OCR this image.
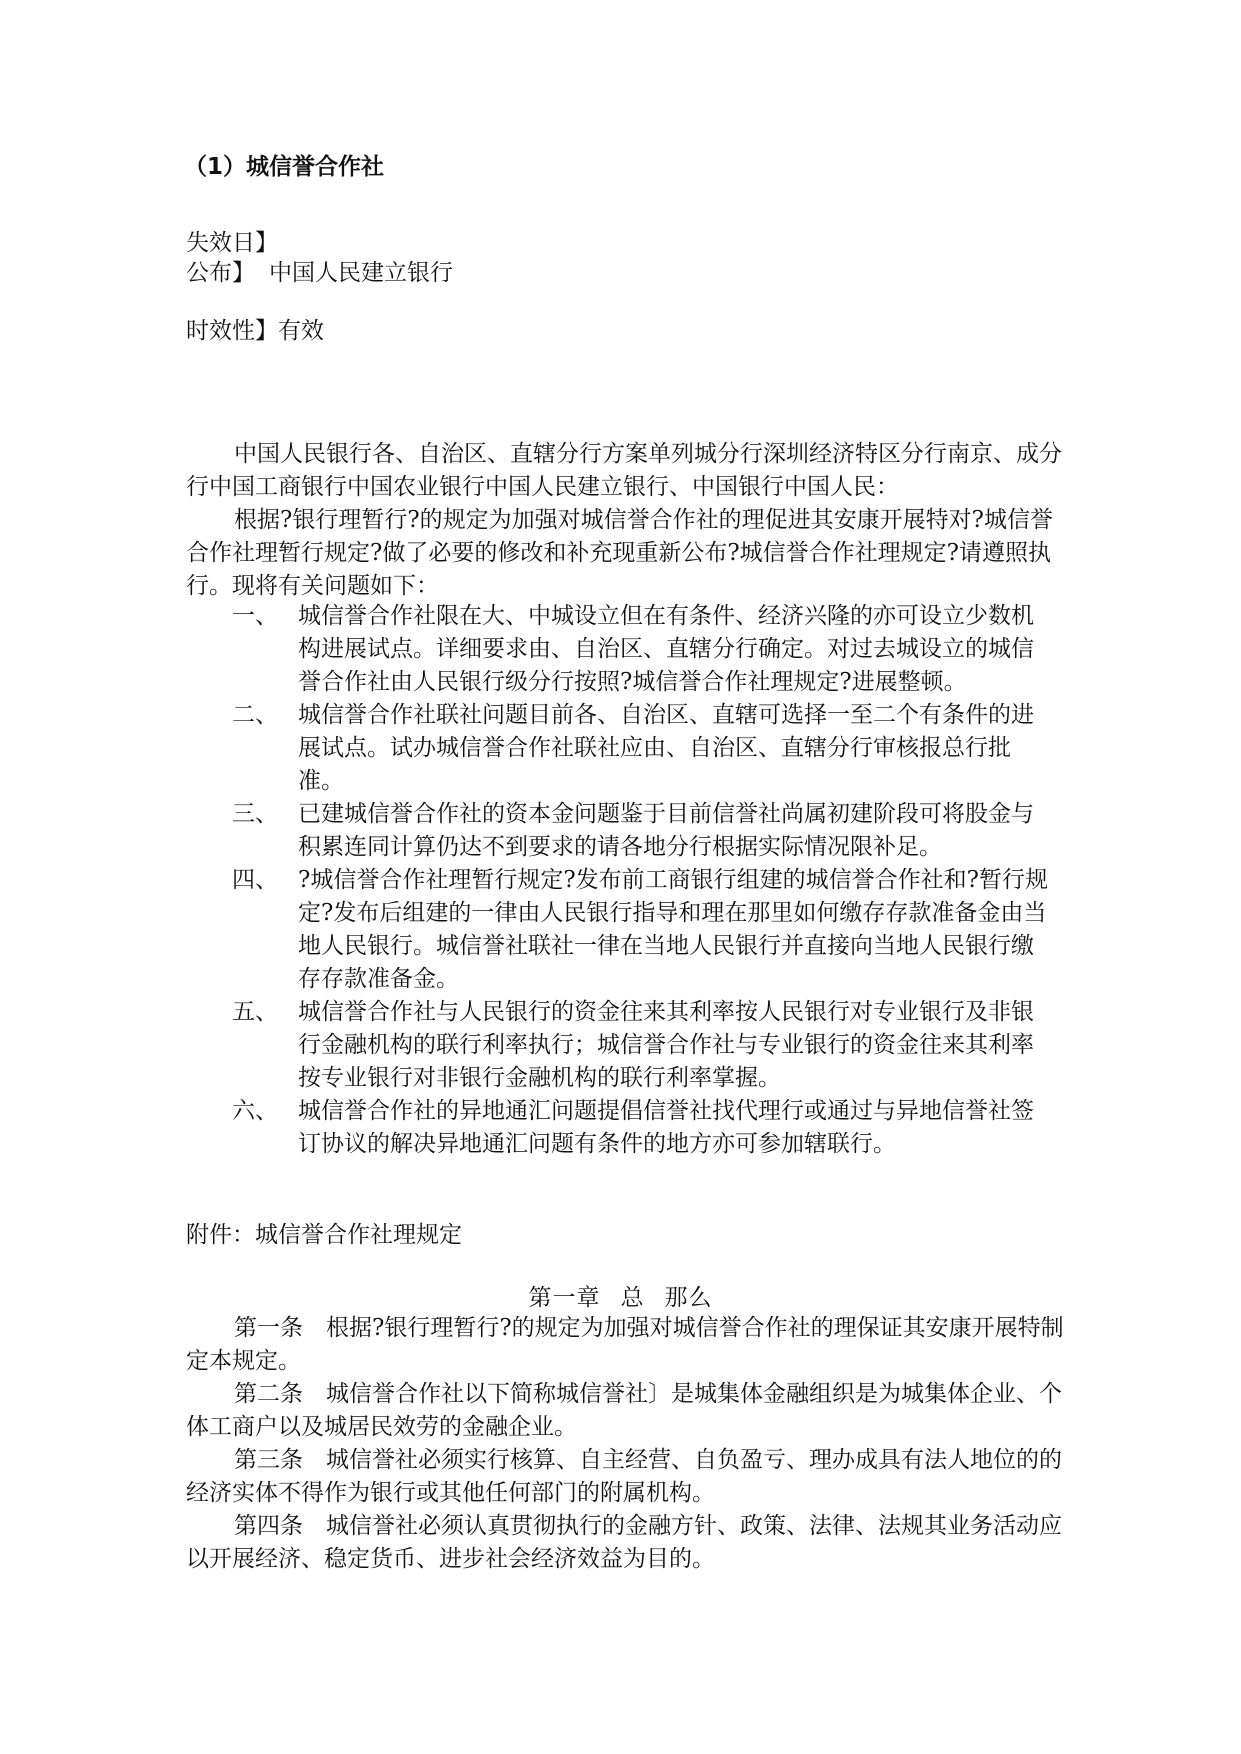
（1）城信誉合作社
失效日】
公布】 中国人民建立银行
时效性】有效
中国人民银行各、自治区、直辖分行方案单列城分行深圳经济特区分行南京、成分行中国工商银行中国农业银行中国人民建立银行、中国银行中国人民：
根据?银行理暂行?的规定为加强对城信誉合作社的理促进其安康开展特对?城信誉合作社理暂行规定?做了必要的修改和补充现重新公布?城信誉合作社理规定?请遵照执行。现将有关问题如下：
一、 城信誉合作社限在大、中城设立但在有条件、经济兴隆的亦可设立少数机构进展试点。详细要求由、自治区、直辖分行确定。对过去城设立的城信誉合作社由人民银行级分行按照?城信誉合作社理规定?进展整顿。
二、 城信誉合作社联社问题目前各、自治区、直辖可选择一至二个有条件的进展试点。试办城信誉合作社联社应由、自治区、直辖分行审核报总行批准。
三、 已建城信誉合作社的资本金问题鉴于目前信誉社尚属初建阶段可将股金与积累连同计算仍达不到要求的请各地分行根据实际情况限补足。
四、 ?城信誉合作社理暂行规定?发布前工商银行组建的城信誉合作社和?暂行规定?发布后组建的一律由人民银行指导和理在那里如何缴存存款准备金由当地人民银行。城信誉社联社一律在当地人民银行并直接向当地人民银行缴存存款准备金。
五、 城信誉合作社与人民银行的资金往来其利率按人民银行对专业银行及非银行金融机构的联行利率执行；城信誉合作社与专业银行的资金往来其利率按专业银行对非银行金融机构的联行利率掌握。
六、 城信誉合作社的异地通汇问题提倡信誉社找代理行或通过与异地信誉社签订协议的解决异地通汇问题有条件的地方亦可参加辖联行。
附件：城信誉合作社理规定
第一章 总 那么
第一条　 根据?银行理暂行?的规定为加强对城信誉合作社的理保证其安康开展特制定本规定。
第二条　 城信誉合作社以下简称城信誉社〕是城集体金融组织是为城集体企业、个体工商户以及城居民效劳的金融企业。
第三条　 城信誉社必须实行核算、自主经营、自负盈亏、理办成具有法人地位的的经济实体不得作为银行或其他任何部门的附属机构。
第四条　 城信誉社必须认真贯彻执行的金融方针、政策、法律、法规其业务活动应以开展经济、稳定货币、进步社会经济效益为目的。
